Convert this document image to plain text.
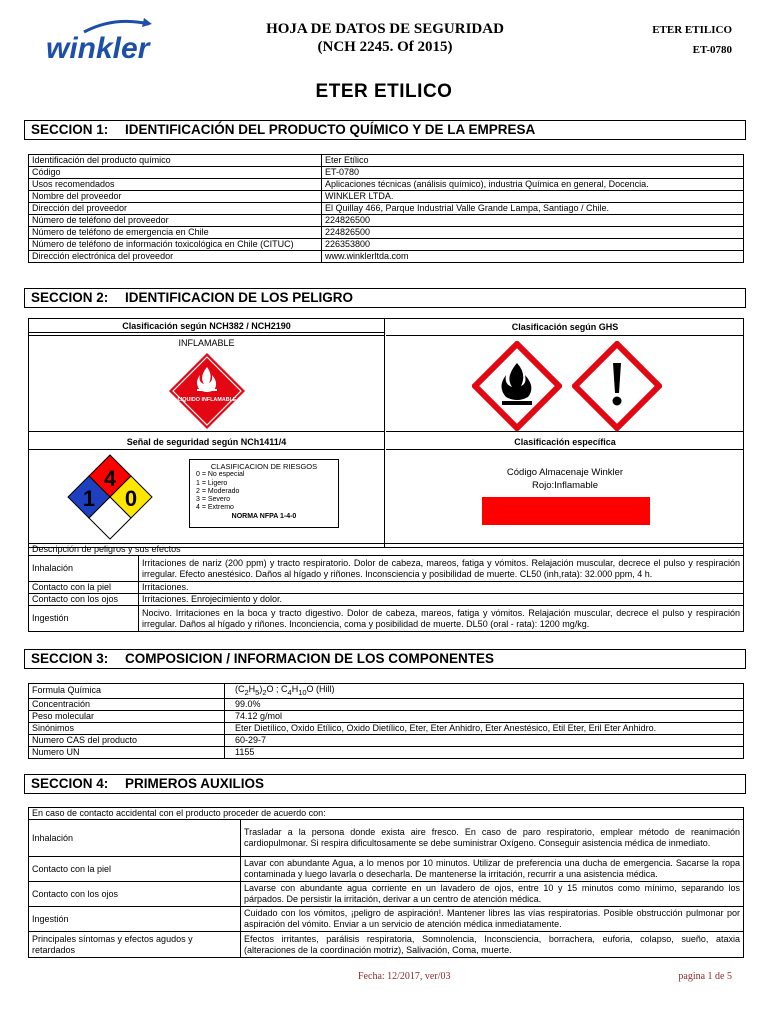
winkler
HOJA DE DATOS DE SEGURIDAD
(NCH 2245. Of 2015)
ETER ETILICO
ET-0780
ETER ETILICO
SECCION 1: IDENTIFICACIÓN DEL PRODUCTO QUÍMICO Y DE LA EMPRESA
Identificación del producto químico	Eter Etílico
Código	ET-0780
Usos recomendados	Aplicaciones técnicas (análisis químico), industria Química en general, Docencia.
Nombre del proveedor	WINKLER LTDA.
Dirección del proveedor	El Quillay 466, Parque Industrial Valle Grande Lampa, Santiago / Chile.
Número de teléfono del proveedor	224826500
Número de teléfono de emergencia en Chile	224826500
Número de teléfono de información toxicológica en Chile (CITUC)	226353800
Dirección electrónica del proveedor	www.winklerltda.com
SECCION 2: IDENTIFICACION DE LOS PELIGRO
Clasificación según NCH382 / NCH2190
INFLAMABLE
LIQUIDO INFLAMABLE
Señal de seguridad según NCh1411/4
4
1 0
CLASIFICACION DE RIESGOS
0 = No especial
1 = Ligero
2 = Moderado
3 = Severo
4 = Extremo
NORMA NFPA 1-4-0
Clasificación según GHS
Clasificación específica
Código Almacenaje Winkler
Rojo:Inflamable
Descripción de peligros y sus efectos	
Inhalación	Irritaciones de nariz (200 ppm) y tracto respiratorio. Dolor de cabeza, mareos, fatiga y vómitos. Relajación muscular, decrece el pulso y respiración irregular. Efecto anestésico. Daños al hígado y riñones. Inconsciencia y posibilidad de muerte. CL50 (inh,rata): 32.000 ppm, 4 h.
Contacto con la piel	Irritaciones.
Contacto con los ojos	Irritaciones. Enrojecimiento y dolor.
Ingestión	Nocivo. Irritaciones en la boca y tracto digestivo. Dolor de cabeza, mareos, fatiga y vómitos. Relajación muscular, decrece el pulso y respiración irregular. Daños al hígado y riñones. Inconciencia, coma y posibilidad de muerte. DL50 (oral - rata): 1200 mg/kg.
SECCION 3: COMPOSICION / INFORMACION DE LOS COMPONENTES
Formula Química	$(C_2H_5)_2O$ ; $C_4H_{10}O$ (Hill)
Concentración	99.0%
Peso molecular	74.12 g/mol
Sinónimos	Eter Dietílico, Oxido Etílico, Oxido Dietílico, Eter, Eter Anhidro, Eter Anestésico, Etil Eter, Eril Eter Anhidro.
Numero CAS del producto	60-29-7
Numero UN	1155
SECCION 4: PRIMEROS AUXILIOS
En caso de contacto accidental con el producto proceder de acuerdo con:	
Inhalación	Trasladar a la persona donde exista aire fresco. En caso de paro respiratorio, emplear método de reanimación cardiopulmonar. Si respira dificultosamente se debe suministrar Oxígeno. Conseguir asistencia médica de inmediato.
Contacto con la piel	Lavar con abundante Agua, a lo menos por 10 minutos. Utilizar de preferencia una ducha de emergencia. Sacarse la ropa contaminada y luego lavarla o desecharla. De mantenerse la irritación, recurrir a una asistencia médica.
Contacto con los ojos	Lavarse con abundante agua corriente en un lavadero de ojos, entre 10 y 15 minutos como mínimo, separando los párpados. De persistir la irritación, derivar a un centro de atención médica.
Ingestión	Cuidado con los vómitos, ¡peligro de aspiración!. Mantener libres las vías respiratorias. Posible obstrucción pulmonar por aspiración del vómito. Enviar a un servicio de atención médica inmediatamente.
Principales síntomas y efectos agudos y retardados	Efectos irritantes, parálisis respiratoria, Somnolencia, Inconsciencia, borrachera, euforia, colapso, sueño, ataxia (alteraciones de la coordinación motriz), Salivación, Coma, muerte.
Fecha: 12/2017, ver/03	pagina 1 de 5
